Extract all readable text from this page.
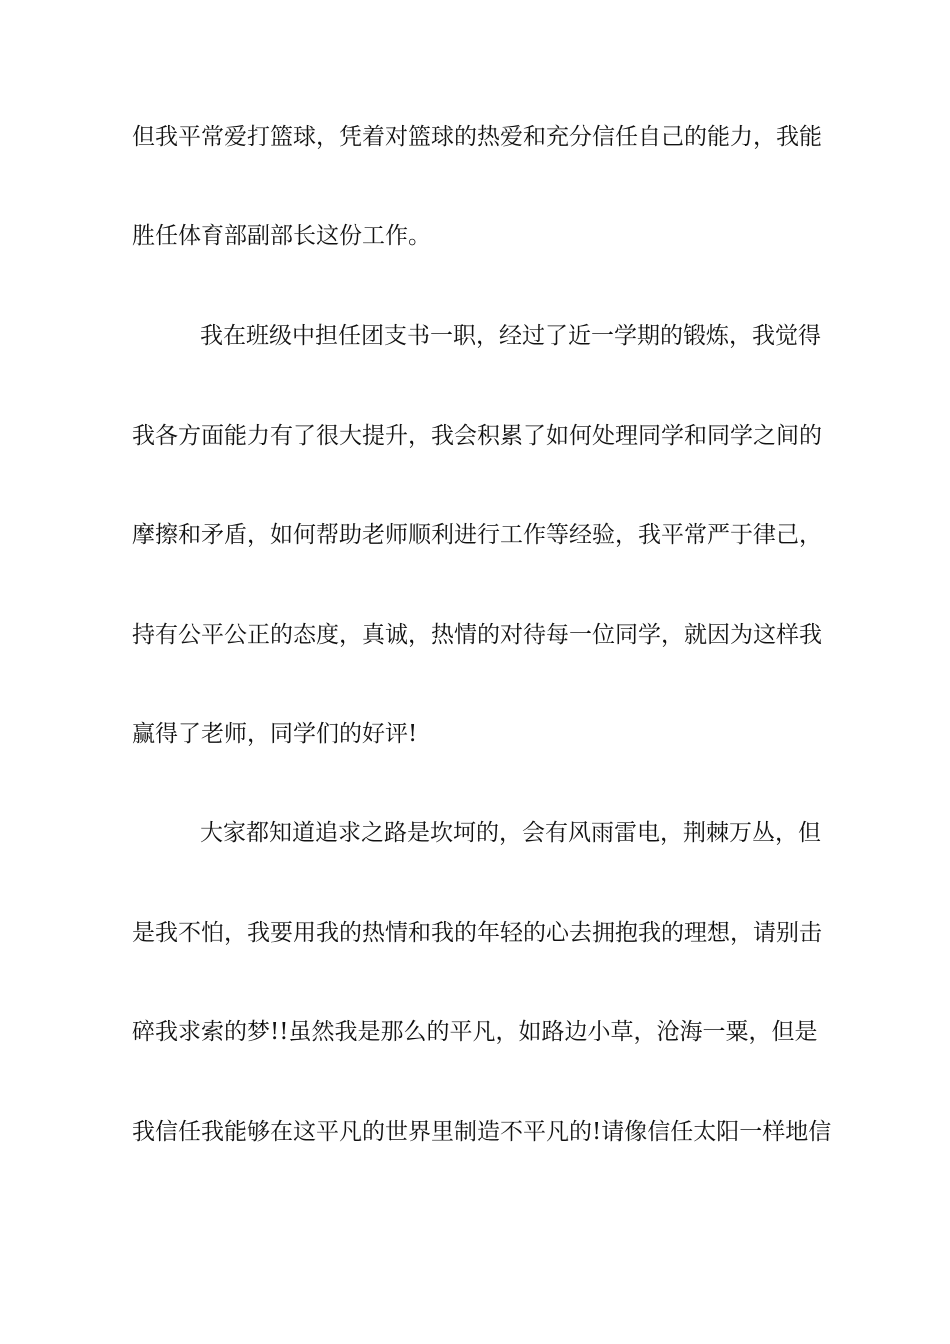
但我平常爱打篮球，凭着对篮球的热爱和充分信任自己的能力，我能
胜任体育部副部长这份工作。
我在班级中担任团支书一职，经过了近一学期的锻炼，我觉得
我各方面能力有了很大提升，我会积累了如何处理同学和同学之间的
摩擦和矛盾，如何帮助老师顺利进行工作等经验，我平常严于律己，
持有公平公正的态度，真诚，热情的对待每一位同学，就因为这样我
赢得了老师，同学们的好评!
大家都知道追求之路是坎坷的，会有风雨雷电，荆棘万丛，但
是我不怕，我要用我的热情和我的年轻的心去拥抱我的理想，请别击
碎我求索的梦!!虽然我是那么的平凡，如路边小草，沧海一粟，但是
我信任我能够在这平凡的世界里制造不平凡的!请像信任太阳一样地信
